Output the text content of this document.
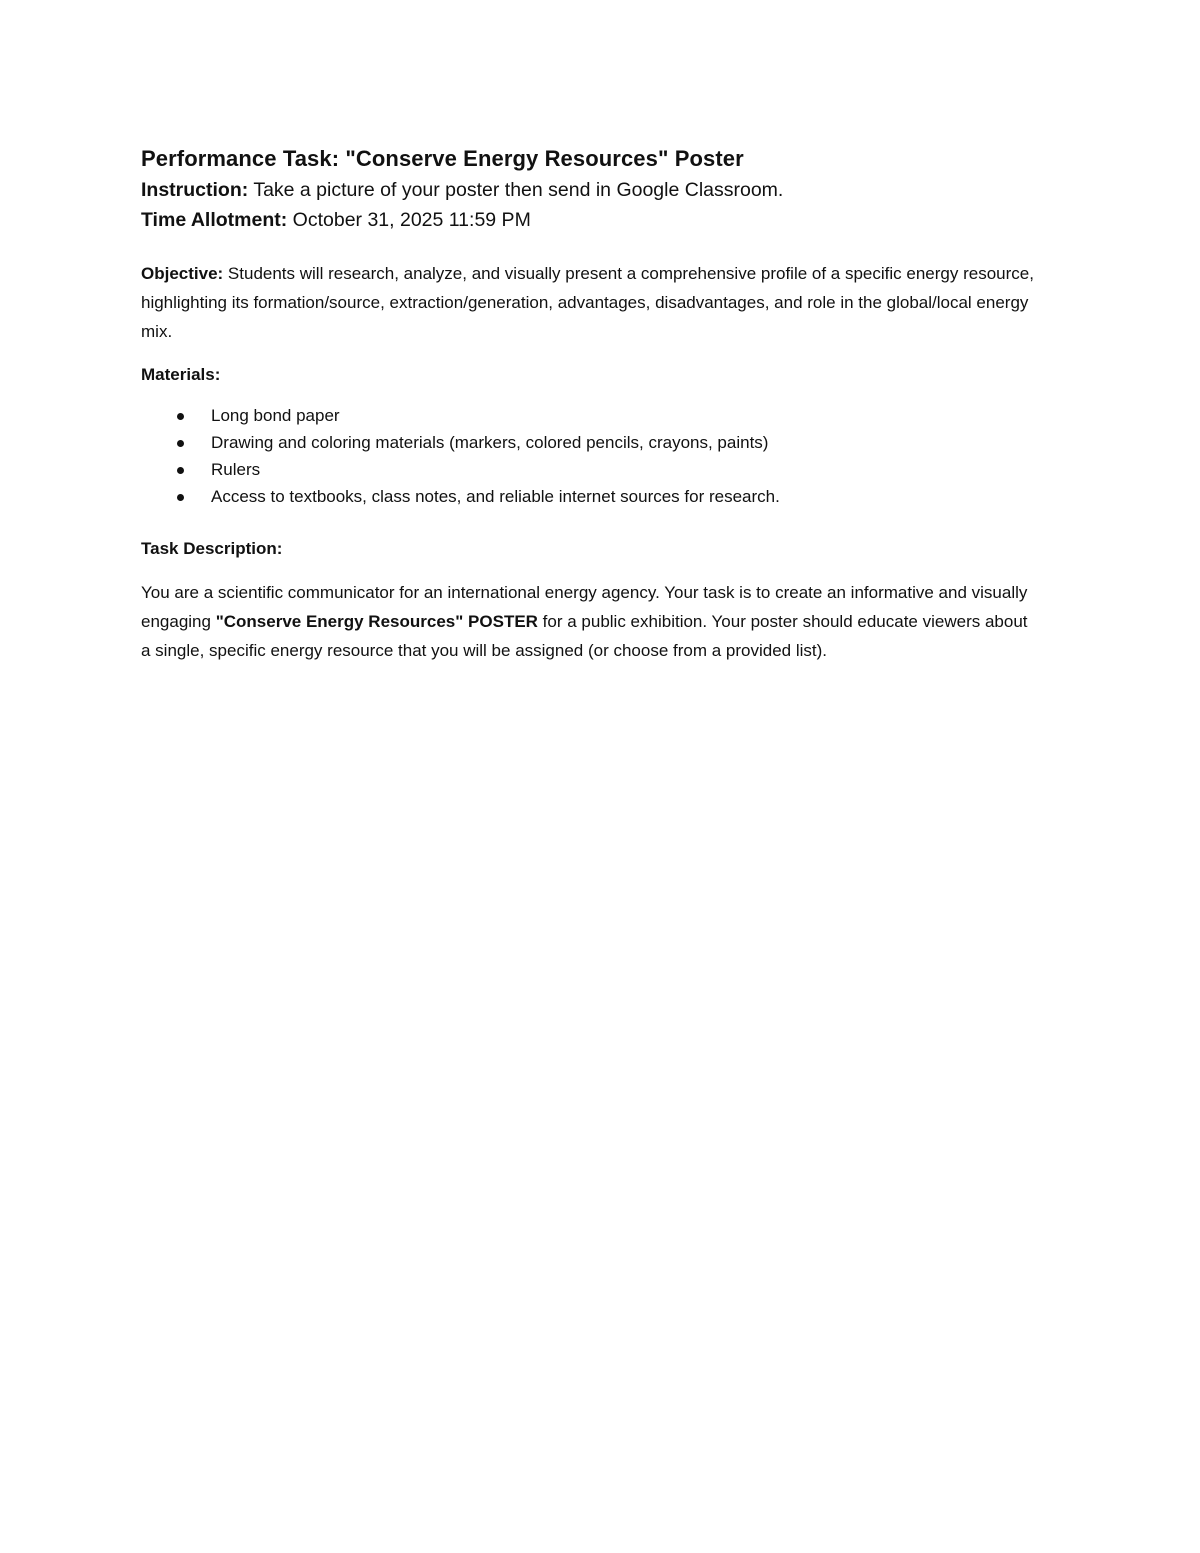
Performance Task: "Conserve Energy Resources" Poster
Instruction: Take a picture of your poster then send in Google Classroom.
Time Allotment: October 31, 2025 11:59 PM
Objective: Students will research, analyze, and visually present a comprehensive profile of a specific energy resource, highlighting its formation/source, extraction/generation, advantages, disadvantages, and role in the global/local energy mix.
Materials:
Long bond paper
Drawing and coloring materials (markers, colored pencils, crayons, paints)
Rulers
Access to textbooks, class notes, and reliable internet sources for research.
Task Description:
You are a scientific communicator for an international energy agency. Your task is to create an informative and visually engaging "Conserve Energy Resources" POSTER for a public exhibition. Your poster should educate viewers about a single, specific energy resource that you will be assigned (or choose from a provided list).
